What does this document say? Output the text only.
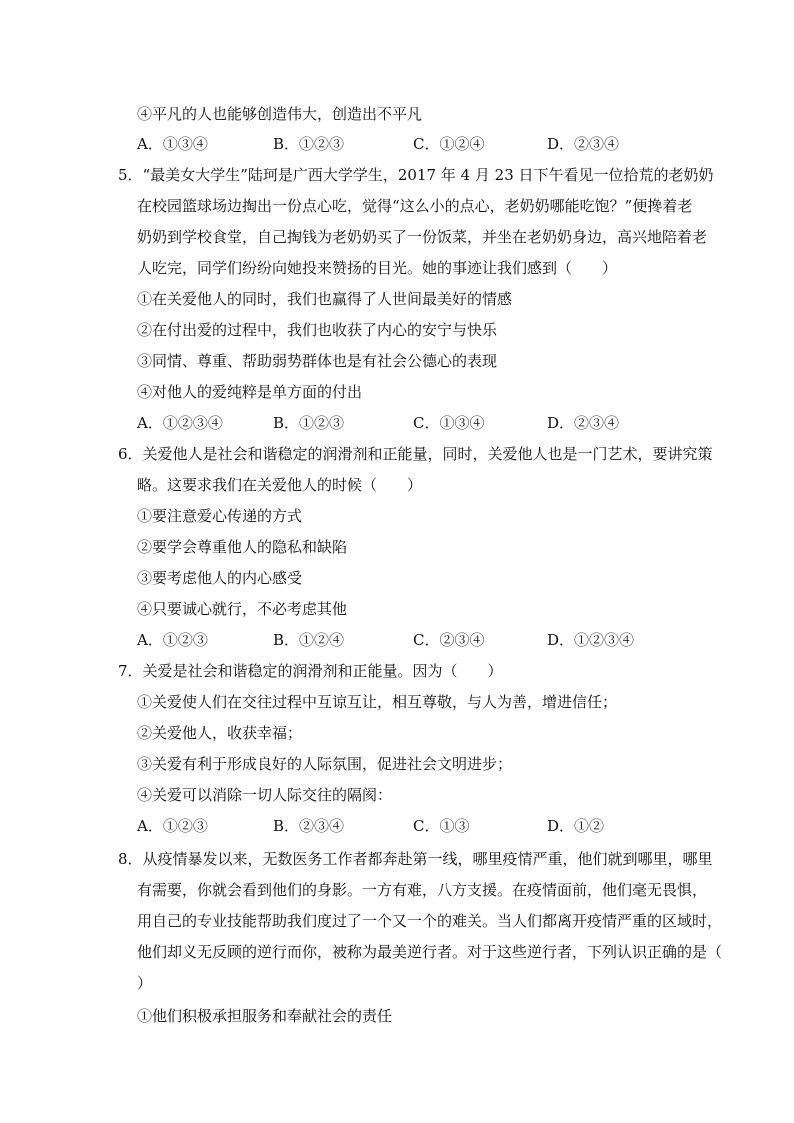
④平凡的人也能够创造伟大，创造出不平凡
A．①③④	B．①②③	C．①②④	D．②③④
5．“最美女大学生”陆珂是广西大学学生，2017 年 4 月 23 日下午看见一位拾荒的老奶奶
在校园篮球场边掏出一份点心吃，觉得“这么小的点心，老奶奶哪能吃饱？”便搀着老
奶奶到学校食堂，自己掏钱为老奶奶买了一份饭菜，并坐在老奶奶身边，高兴地陪着老
人吃完，同学们纷纷向她投来赞扬的目光。她的事迹让我们感到（　　）
①在关爱他人的同时，我们也赢得了人世间最美好的情感
②在付出爱的过程中，我们也收获了内心的安宁与快乐
③同情、尊重、帮助弱势群体也是有社会公德心的表现
④对他人的爱纯粹是单方面的付出
A．①②③④	B．①②③	C．①③④	D．②③④
6．关爱他人是社会和谐稳定的润滑剂和正能量，同时，关爱他人也是一门艺术，要讲究策
略。这要求我们在关爱他人的时候（　　）
①要注意爱心传递的方式
②要学会尊重他人的隐私和缺陷
③要考虑他人的内心感受
④只要诚心就行，不必考虑其他
A．①②③	B．①②④	C．②③④	D．①②③④
7．关爱是社会和谐稳定的润滑剂和正能量。因为（　　）
①关爱使人们在交往过程中互谅互让，相互尊敬，与人为善，增进信任；
②关爱他人，收获幸福；
③关爱有利于形成良好的人际氛围，促进社会文明进步；
④关爱可以消除一切人际交往的隔阂：
A．①②③	B．②③④	C．①③	D．①②
8．从疫情暴发以来，无数医务工作者都奔赴第一线，哪里疫情严重，他们就到哪里，哪里
有需要，你就会看到他们的身影。一方有难，八方支援。在疫情面前，他们毫无畏惧，
用自己的专业技能帮助我们度过了一个又一个的难关。当人们都离开疫情严重的区域时，
他们却义无反顾的逆行而你，被称为最美逆行者。对于这些逆行者，下列认识正确的是（
）
①他们积极承担服务和奉献社会的责任
